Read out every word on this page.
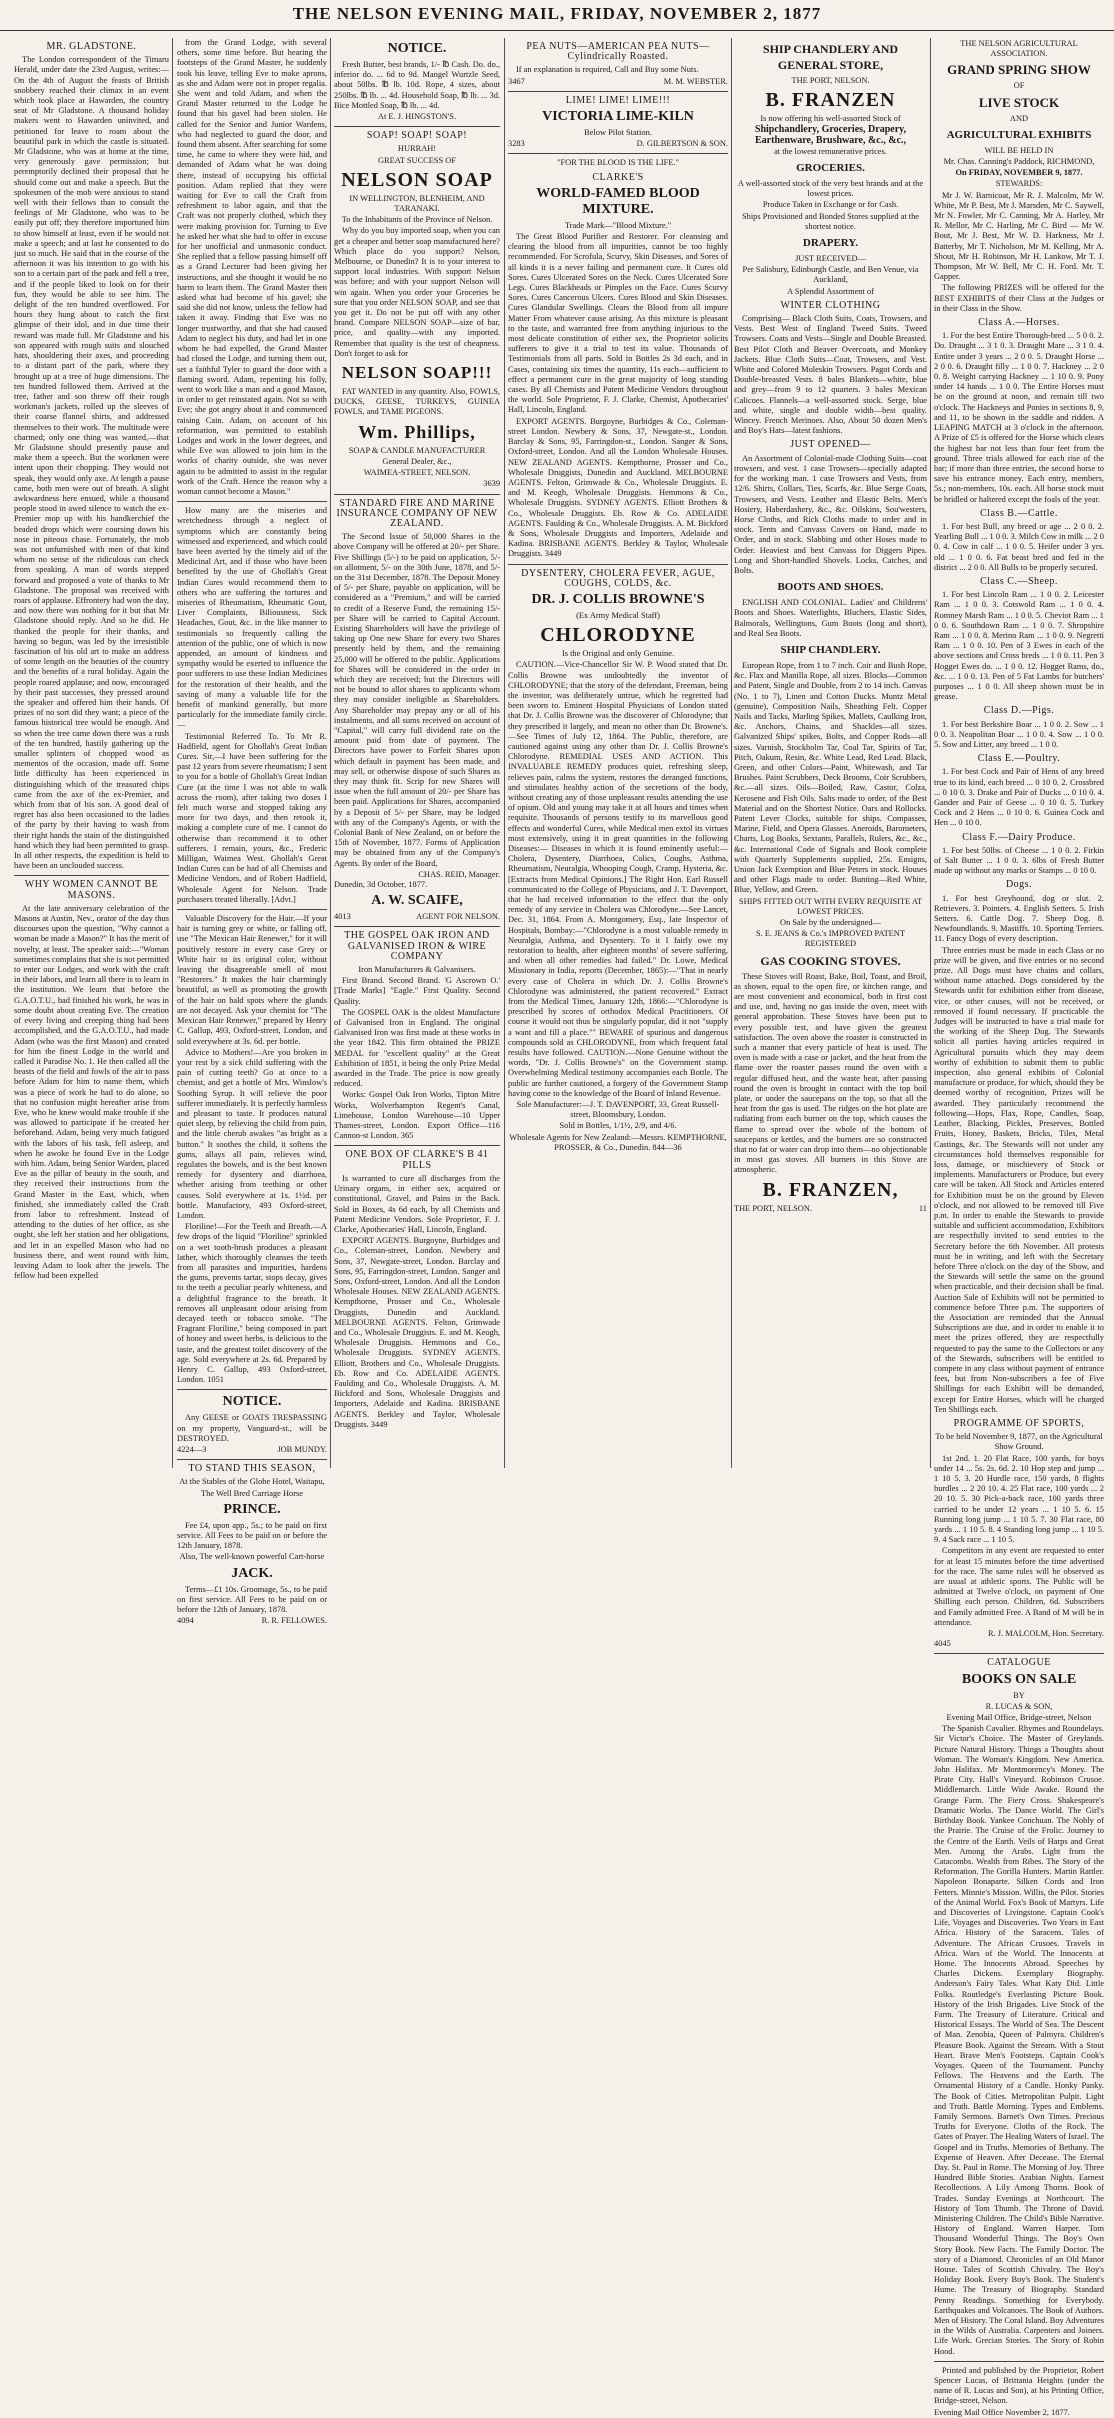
THE NELSON EVENING MAIL, FRIDAY, NOVEMBER 2, 1877
MR. GLADSTONE.

The London correspondent of the Timaru Herald, under date the 23rd August, writes:—On the 4th of August the feasts of British snobbery reached their climax in an event which took place at Hawarden, the country seat of Mr Gladstone. A thousand holiday makers went to Hawarden uninvited, and petitioned for leave to roam about the beautiful park in which the castle is situated. Mr Gladstone, who was at home at the time, very generously gave permission; but peremptorily declined their proposal that he should come out and make a speech. But the spokesmen of the mob were anxious to stand well with their fellows than to consult the feelings of Mr Gladstone, who was to be easily put off; they therefore importuned him to show himself at least, even if he would not make a speech; and at last he consented to do just so much. He said that in the course of the afternoon it was his intention to go with his son to a certain part of the park and fell a tree, and if the people liked to look on for their fun, they would be able to see him. The delight of the ten hundred overflowed. For hours they hung about to catch the first glimpse of their idol, and in due time their reward was made full. Mr Gladstone and his son appeared with rough suits and slouched hats, shouldering their axes, and proceeding to a distant part of the park, where they brought up at a tree of huge dimensions. The ten hundred followed them. Arrived at the tree, father and son threw off their rough workman's jackets, rolled up the sleeves of their coarse flannel shirts, and addressed themselves to their work. The multitude were charmed; only one thing was wanted,—that Mr Gladstone should presently pause and make them a speech. But the workmen were intent upon their chopping. They would not speak, they would only axe. At length a pause came, both men were out of breath. A slight awkwardness here ensued, while a thousand people stood in awed silence to watch the ex-Premier mop up with his handkerchief the beaded drops which were coursing down his nose in piteous chase. Fortunately, the mob was not unfurnished with men of that kind whom no sense of the ridiculous can check from speaking. A man of words stepped forward and proposed a vote of thanks to Mr Gladstone. The proposal was received with roars of applause. Effrontery had won the day, and now there was nothing for it but that Mr Gladstone should reply. And so he did. He thanked the people for their thanks, and having so begun, was led by the irresistible fascination of his old art to make an address of some length on the beauties of the country and the benefits of a rural holiday. Again the people roared applause; and now, encouraged by their past successes, they pressed around the speaker and offered him their hands. Of prizes of no sort did they want; a piece of the famous historical tree would be enough. And so when the tree came down there was a rush of the ten hundred, hastily gathering up the smaller splinters of chopped wood as mementos of the occasion, made off. Some little difficulty has been experienced in distinguishing which of the treasured chips came from the axe of the ex-Premier, and which from that of his son. A good deal of regret has also been occasioned to the ladies of the party by their having to wash from their right hands the stain of the distinguished hand which they had been permitted to grasp. In all other respects, the expedition is held to have been an unclouded success.

WHY WOMEN CANNOT BE MASONS.

At the late anniversary celebration of the Masons at Austin, Nev., orator of the day thus discourses upon the question, "Why cannot a woman be made a Mason?" It has the merit of novelty, at least. The speaker said:—"Woman sometimes complains that she is not permitted to enter our Lodges, and work with the craft in their labors, and learn all there is to learn in the institution. We learn that before the G.A.O.T.U., had finished his work, he was in some doubt about creating Eve. The creation of every living and creeping thing had been accomplished, and the G.A.O.T.U., had made Adam (who was the first Mason) and created for him the finest Lodge in the world and called it Paradise No. 1. He then called all the beasts of the field and fowls of the air to pass before Adam for him to name them, which was a piece of work he had to do alone, so that no confusion might hereafter arise from Eve, who he knew would make trouble if she was allowed to participate if he created her beforehand. Adam, being very much fatigued with the labors of his task, fell asleep, and when he awoke he found Eve in the Lodge with him. Adam, being Senior Warden, placed Eve as the pillar of beauty in the south, and they received their instructions from the Grand Master in the East, which, when finished, she immediately called the Craft from labor to refreshment. Instead of attending to the duties of her office, as she ought, she left her station and her obligations, and let in an expelled Mason who had no business there, and went round with him, leaving Adam to look after the jewels. The fellow had been expelled

from the Grand Lodge, with several others, some time before. But hearing the footsteps of the Grand Master, he suddenly took his leave, telling Eve to make aprons, as she and Adam were not in proper regalia. She went and told Adam, and when the Grand Master returned to the Lodge he found that his gavel had been stolen. He called for the Senior and Junior Wardens, who had neglected to guard the door, and found them absent. After searching for some time, he came to where they were hid, and demanded of Adam what he was doing there, instead of occupying his official position. Adam replied that they were waiting for Eve to call the Craft from refreshment to labor again, and that the Craft was not properly clothed, which they were making provision for. Turning to Eve he asked her what she had to offer in excuse for her unofficial and unmasonic conduct. She replied that a fellow passing himself off as a Grand Lecturer had been giving her instructions, and she thought it would be no harm to learn them. The Grand Master then asked what had become of his gavel; she said she did not know, unless the fellow had taken it away. Finding that Eve was no longer trustworthy, and that she had caused Adam to neglect his duty, and had let in one whom he had expelled, the Grand Master had closed the Lodge, and turning them out, set a faithful Tyler to guard the door with a flaming sword. Adam, repenting his folly, went to work like a man and a good Mason, in order to get reinstated again. Not so with Eve; she got angry about it and commenced raising Cain. Adam, on account of his reformation, was permitted to establish Lodges and work in the lower degrees, and while Eve was allowed to join him in the works of charity outside, she was never again to be admitted to assist in the regular work of the Craft. Hence the reason why a woman cannot become a Mason."

How many are the miseries and wretchedness through a neglect of symptoms which are constantly being witnessed and experienced, and which could have been averted by the timely aid of the Medicinal Art, and if those who have been benefited by the use of Ghollah's Great Indian Cures would recommend them to others who are suffering the tortures and miseries of Rheumatism, Rheumatic Gout, Liver Complaints, Biliousness, Sick Headaches, Gout, &c. in the like manner to testimonials so frequently calling the attention of the public, one of which is now appended, an amount of kindness and sympathy would be exerted to influence the poor sufferers to use these Indian Medicines for the restoration of their health, and the saving of many a valuable life for the benefit of mankind generally, but more particularly for the immediate family circle.—

Testimonial Referred To. To Mr R. Hadfield, agent for Ghollah's Great Indian Cures. Sir,—I have been suffering for the past 12 years from severe rheumatism; I sent to you for a bottle of Ghollah's Great Indian Cure (at the time I was not able to walk across the room), after taking two doses I felt much worse and stopped taking any more for two days, and then retook it, making a complete cure of me. I cannot do otherwise than recommend it to other sufferers. I remain, yours, &c., Frederic Milligan, Waimea West. Ghollah's Great Indian Cures can be had of all Chemists and Medicine Vendors, and of Robert Hadfield, Wholesale Agent for Nelson. Trade purchasers treated liberally. [Advt.]

Valuable Discovery for the Hair.—If your hair is turning grey or white, or falling off, use "The Mexican Hair Renewer," for it will positively restore in every case Grey or White hair to its original color, without leaving the disagreeable smell of most "Restorers." It makes the hair charmingly beautiful, as well as promoting the growth of the hair on bald spots where the glands are not decayed. Ask your chemist for "The Mexican Hair Renewer," prepared by Henry C. Gallup, 493, Oxford-street, London, and sold everywhere at 3s. 6d. per bottle.

Advice to Mothers!—Are you broken in your rest by a sick child suffering with the pain of cutting teeth? Go at once to a chemist, and get a bottle of Mrs. Winslow's Soothing Syrup. It will relieve the poor sufferer immediately. It is perfectly harmless and pleasant to taste. It produces natural quiet sleep, by relieving the child from pain, and the little cherub awakes "as bright as a button." It soothes the child, it softens the gums, allays all pain, relieves wind, regulates the bowels, and is the best known remedy for dysentery and diarrhoea, whether arising from teething or other causes. Sold everywhere at 1s. 1½d. per bottle. Manufactory, 493 Oxford-street, London.

Floriline!—For the Teeth and Breath.—A few drops of the liquid "Floriline" sprinkled on a wet tooth-brush produces a pleasant lather, which thoroughly cleanses the teeth from all parasites and impurities, hardens the gums, prevents tartar, stops decay, gives to the teeth a peculiar pearly whiteness, and a delightful fragrance to the breath. It removes all unpleasant odour arising from decayed teeth or tobacco smoke. "The Fragrant Floriline," being composed in part of honey and sweet herbs, is delicious to the taste, and the greatest toilet discovery of the age. Sold everywhere at 2s. 6d. Prepared by Henry C. Gallup, 493 Oxford-street, London. 1051

NOTICE.

Any GEESE or GOATS TRESPASSING on my property, Vanguard-st., will be DESTROYED.

4224—3	JOB MUNDY.
TO STAND THIS SEASON,
At the Stables of the Globe Hotel, Waitapu,
The Well Bred Carriage Horse
PRINCE.

Fee £4, upon app., 5s.; to be paid on first service. All Fees to be paid on or before the 12th January, 1878.

Also, The well-known powerful Cart-horse
JACK.

Terms—£1 10s. Groomage, 5s., to be paid on first service. All Fees to be paid on or before the 12th of January, 1878.

4094	R. R. FELLOWES.
NOTICE.

Fresh Butter, best brands, 1/- ℔ Cash. Do. do., inferior do. ... 6d to 9d. Mangel Wurtzle Seed, about 50lbs. ℔ lb. 10d. Rope, 4 sizes, about 250lbs. ℔ lb. ... 4d. Household Soap, ℔ lb. ... 3d. Bice Mottled Soap, ℔ lb. ... 4d.

At E. J. HINGSTON'S.
SOAP! SOAP! SOAP!
HURRAH!
GREAT SUCCESS OF
NELSON SOAP
IN WELLINGTON, BLENHEIM, AND TARANAKI.
To the Inhabitants of the Province of Nelson.

Why do you buy imported soap, when you can get a cheaper and better soap manufactured here? Which place do you support? Nelson, Melbourne, or Dunedin? It is to your interest to support local industries. With support Nelson was before; and with your support Nelson will win again. When you order your Groceries be sure that you order NELSON SOAP, and see that you get it. Do not be put off with any other brand. Compare NELSON SOAP—size of bar, price, and quality—with any imported. Remember that quality is the test of cheapness. Don't forget to ask for

NELSON SOAP!!!

FAT WANTED in any quantity. Also, FOWLS, DUCKS, GEESE, TURKEYS, GUINEA FOWLS, and TAME PIGEONS.

Wm. Phillips,
SOAP & CANDLE MANUFACTURER
General Dealer, &c.,
WAIMEA-STREET, NELSON.
3639
STANDARD FIRE AND MARINE INSURANCE COMPANY OF NEW ZEALAND.

The Second Issue of 50,000 Shares in the above Company will be offered at 20/- per Share. Five Shillings (5/-) to be paid on application, 5/- on allotment, 5/- on the 30th June, 1878, and 5/- on the 31st December, 1878. The Deposit Money of 5/- per Share, payable on application, will be considered as a "Premium," and will be carried to credit of a Reserve Fund, the remaining 15/- per Share will be carried to Capital Account. Existing Shareholders will have the privilege of taking up One new Share for every two Shares presently held by them, and the remaining 25,000 will be offered to the public. Applications for Shares will be considered in the order in which they are received; but the Directors will not be bound to allot shares to applicants whom they may consider ineligible as Shareholders. Any Shareholder may prepay any or all of his instalments, and all sums received on account of "Capital," will carry full dividend rate on the amount paid from date of payment. The Directors have power to Forfeit Shares upon which default in payment has been made, and may sell, or otherwise dispose of such Shares as they may think fit. Scrip for new Shares will issue when the full amount of 20/- per Share has been paid. Applications for Shares, accompanied by a Deposit of 5/- per Share, may be lodged with any of the Company's Agents, or with the Colonial Bank of New Zealand, on or before the 15th of November, 1877. Forms of Application may be obtained from any of the Company's Agents. By order of the Board,

CHAS. REID, Manager.
Dunedin, 3d October, 1877.
A. W. SCAIFE,
4013	AGENT FOR NELSON.
THE GOSPEL OAK IRON AND GALVANISED IRON & WIRE COMPANY
Iron Manufacturers & Galvanisers.

First Brand. Second Brand. 'G Ascrown O.' [Trade Marks] "Eagle." First Quality. Second Quality.

The GOSPEL OAK is the oldest Manufacture of Galvanised Iron in England. The original Galvanised Iron was first made at these works in the year 1842. This firm obtained the PRIZE MEDAL for "excellent quality" at the Great Exhibition of 1851, it being the only Prize Medal awarded in the Trade. The price is now greatly reduced.

Works: Gospel Oak Iron Works, Tipton Mitre Works, Wolverhampton Regent's Canal, Limehouse, London Warehouse—10 Upper Thames-street, London. Export Office—116 Cannon-st London. 365

ONE BOX OF CLARKE'S B 41 PILLS

Is warranted to cure all discharges from the Urinary organs, in either sex, acquired or constitutional, Gravel, and Pains in the Back. Sold in Boxes, 4s 6d each, by all Chemists and Patent Medicine Vendors. Sole Proprietor, F. J. Clarke, Apothecaries' Hall, Lincoln, England.

EXPORT AGENTS. Burgoyne, Burbidges and Co., Coleman-street, London. Newbery and Sons, 37, Newgate-street, London. Barclay and Sons, 95, Farringdon-street, London. Sanger and Sons, Oxford-street, London. And all the London Wholesale Houses. NEW ZEALAND AGENTS. Kempthorne, Prosser and Co., Wholesale Druggists, Dunedin and Auckland. MELBOURNE AGENTS. Felton, Grimwade and Co., Wholesale Druggists. E. and M. Keogh, Wholesale Druggists. Hemmons and Co., Wholesale Druggists. SYDNEY AGENTS. Elliott, Brothers and Co., Wholesale Druggists. Eb. Row and Co. ADELAIDE AGENTS. Faulding and Co., Wholesale Druggists. A. M. Bickford and Sons, Wholesale Druggists and Importers, Adelaide and Kadina. BRISBANE AGENTS. Berkley and Taylor, Wholesale Druggists. 3449

PEA NUTS—AMERICAN PEA NUTS—Cylindrically Roasted.

If an explanation is required, Call and Buy some Nuts.

3467	M. M. WEBSTER.
LIME! LIME! LIME!!!
VICTORIA LIME-KILN
Below Pilot Station.
3283	D. GILBERTSON & SON.
"FOR THE BLOOD IS THE LIFE."
CLARKE'S
WORLD-FAMED BLOOD MIXTURE.
Trade Mark—"Blood Mixture."

The Great Blood Purifier and Restorer. For cleansing and clearing the blood from all impurities, cannot be too highly recommended. For Scrofula, Scurvy, Skin Diseases, and Sores of all kinds it is a never failing and permanent cure. It Cures old Sores. Cures Ulcerated Sores on the Neck. Cures Ulcerated Sore Legs. Cures Blackheads or Pimples on the Face. Cures Scurvy Sores. Cures Cancerous Ulcers. Cures Blood and Skin Diseases. Cures Glandular Swellings. Clears the Blood from all impure Matter From whatever cause arising. As this mixture is pleasant to the taste, and warranted free from anything injurious to the most delicate constitution of either sex, the Proprietor solicits sufferers to give it a trial to test its value. Thousands of Testimonials from all parts. Sold in Bottles 2s 3d each, and in Cases, containing six times the quantity, 11s each—sufficient to effect a permanent cure in the great majority of long standing cases. By all Chemists and Patent Medicine Vendors throughout the world. Sole Proprietor, F. J. Clarke, Chemist, Apothecaries' Hall, Lincoln, England.

EXPORT AGENTS. Burgoyne, Burbidges & Co., Coleman-street London. Newbery & Sons, 37, Newgate-st., London. Barclay & Sons, 95, Farringdon-st., London. Sanger & Sons, Oxford-street, London. And all the London Wholesale Houses. NEW ZEALAND AGENTS. Kempthorne, Prosser and Co., Wholesale Druggists, Dunedin and Auckland. MELBOURNE AGENTS. Felton, Grimwade & Co., Wholesale Druggists. E. and M. Keogh, Wholesale Druggists. Hemmons & Co., Wholesale Druggists. SYDNEY AGENTS. Elliott Brothers & Co., Wholesale Druggists. Eb. Row & Co. ADELAIDE AGENTS. Faulding & Co., Wholesale Druggists. A. M. Bickford & Sons, Wholesale Druggists and Importers, Adelaide and Kadina. BRISBANE AGENTS. Berkley & Taylor, Wholesale Druggists. 3449

DYSENTERY, CHOLERA FEVER, AGUE, COUGHS, COLDS, &c.
DR. J. COLLIS BROWNE'S
(Ex Army Medical Staff)
CHLORODYNE
Is the Original and only Genuine.

CAUTION.—Vice-Chancellor Sir W. P. Wood stated that Dr. Collis Browne was undoubtedly the inventor of CHLORODYNE; that the story of the defendant, Freeman, being the inventor, was deliberately untrue, which he regretted had been sworn to. Eminent Hospital Physicians of London stated that Dr. J. Collis Browne was the discoverer of Chlorodyne; that they prescribed it largely, and mean no other than Dr. Browne's.—See Times of July 12, 1864. The Public, therefore, are cautioned against using any other than Dr. J. Collis Browne's Chlorodyne. REMEDIAL USES AND ACTION. This INVALUABLE REMEDY produces quiet, refreshing sleep, relieves pain, calms the system, restores the deranged functions, and stimulates healthy action of the secretions of the body, without creating any of those unpleasant results attending the use of opium. Old and young may take it at all hours and times when requisite. Thousands of persons testify to its marvellous good effects and wonderful Cures, while Medical men extol its virtues most extensively, using it in great quantities in the following Diseases:— Diseases in which it is found eminently useful:—Cholera, Dysentery, Diarrhoea, Colics, Coughs, Asthma, Rheumatism, Neuralgia, Whooping Cough, Cramp, Hysteria, &c. [Extracts from Medical Opinions.] The Right Hon. Earl Russell communicated to the College of Physicians, and J. T. Davenport, that he had received information to the effect that the only remedy of any service in Cholera was Chlorodyne.—See Lancet, Dec. 31, 1864. From A. Montgomery, Esq., late Inspector of Hospitals, Bombay:—"Chlorodyne is a most valuable remedy in Neuralgia, Asthma, and Dysentery. To it I fairly owe my restoration to health, after eighteen months' of severe suffering, and when all other remedies had failed." Dr. Lowe, Medical Missionary in India, reports (December, 1865):—"That in nearly every case of Cholera in which Dr. J. Collis Browne's Chlorodyne was administered, the patient recovered." Extract from the Medical Times, January 12th, 1866:—"Chlorodyne is prescribed by scores of orthodox Medical Practitioners. Of course it would not thus be singularly popular, did it not "supply a want and fill a place."" BEWARE of spurious and dangerous compounds sold as CHLORODYNE, from which frequent fatal results have followed. CAUTION.—None Genuine without the words, "Dr. J. Collis Browne's" on the Government stamp. Overwhelming Medical testimony accompanies each Bottle. The public are further cautioned, a forgery of the Government Stamp having come to the knowledge of the Board of Inland Revenue.

Sole Manufacturer:—J. T. DAVENPORT, 33, Great Russell-street, Bloomsbury, London.
Sold in Bottles, 1/1½, 2/9, and 4/6.
Wholesale Agents for New Zealand:—Messrs. KEMPTHORNE, PROSSER, & Co., Dunedin. 844—36
SHIP CHANDLERY AND GENERAL STORE,
THE PORT, NELSON.
B. FRANZEN
Is now offering his well-assorted Stock of
Shipchandlery, Groceries, Drapery, Earthenware, Brushware, &c., &c.,
at the lowest remunerative prices.
GROCERIES.
A well-assorted stock of the very best brands and at the lowest prices.
Produce Taken in Exchange or for Cash.
Ships Provisioned and Bonded Stores supplied at the shortest notice.
DRAPERY.
JUST RECEIVED—
Per Salisbury, Edinburgh Castle, and Ben Venue, via Auckland,
A Splendid Assortment of
WINTER CLOTHING

Comprising— Black Cloth Suits, Coats, Trowsers, and Vests. Best West of England Tweed Suits. Tweed Trowsers. Coats and Vests—Single and Double Breasted. Best Pilot Cloth and Beaver Overcoats, and Monkey Jackets. Blue Cloth Suits—Coat, Trowsers, and Vest. White and Colored Moleskin Trowsers. Pagot Cords and Double-breasted Vests. 8 bales Blankets—white, blue and grey—from 9 to 12 quarters. 3 bales Mexican Calicoes. Flannels—a well-assorted stock. Serge, blue and white, single and double width—best quality. Wincey. French Merinoes. Also, About 50 dozen Men's and Boy's Hats—latest fashions.

JUST OPENED—

An Assortment of Colonial-made Clothing Suits—coat trowsers, and vest. 1 case Trowsers—specially adapted for the working man. 1 case Trowsers and Vests, from 12/6. Shirts, Collars, Ties, Scarfs, &c. Blue Serge Coats, Trowsers, and Vests. Leather and Elastic Belts. Men's Hosiery, Haberdashery, &c., &c. Oilskins, Sou'westers, Horse Cloths, and Rick Cloths made to order and in stock. Tents and Canvass Covers on Hand, made to Order, and in stock. Slabbing and other Hoses made to Order. Heaviest and best Canvass for Diggers Pipes. Long and Short-handled Shovels. Locks, Catches, and Bolts.

BOOTS AND SHOES.

ENGLISH AND COLONIAL. Ladies' and Childrens' Boots and Shoes. Waterlights, Bluchers, Elastic Sides, Balmorals, Wellingtons, Gum Boots (long and short), and Real Sea Boots.

SHIP CHANDLERY.

European Rope, from 1 to 7 inch. Coir and Bush Rope, &c. Flax and Manilla Rope, all sizes. Blocks—Common and Patent, Single and Double, from 2 to 14 inch. Canvas (No. 1 to 7), Linen and Cotton Ducks. Muntz Metal (genuine), Composition Nails, Sheathing Felt. Copper Nails and Tacks, Marling Spikes, Mallets, Caulking Iron, &c. Anchors, Chains, and Shackles—all sizes. Galvanized Ships' spikes, Bolts, and Copper Rods—all sizes. Varnish, Stockholm Tar, Coal Tar, Spirits of Tar, Pitch, Oakum, Resin, &c. White Lead, Red Lead. Black, Green, and other Colors—Paint, Whitewash, and Tar Brushes. Paint Scrubbers, Deck Brooms, Coir Scrubbers, &c.—all sizes. Oils—Boiled, Raw, Castor, Colza, Kerosene and Fish Oils. Salts made to order, of the Best Material and on the Shortest Notice. Oars and Rollocks. Patent Lever Clocks, suitable for ships. Compasses, Marine, Field, and Opera Glasses. Aneroids, Barometers, Charts, Log Books, Sextants, Parallels, Rulers, &c., &c., &c. International Code of Signals and Book complete with Quarterly Supplements supplied, 25s. Ensigns, Union Jack Exemption and Blue Peters in stock. Houses and other Flags made to order. Bunting—Red White, Blue, Yellow, and Green.

SHIPS FITTED OUT WITH EVERY REQUISITE AT LOWEST PRICES.
On Sale by the undersigned—
S. E. JEANS & Co.'s IMPROVED PATENT REGISTERED
GAS COOKING STOVES.

These Stoves will Roast, Bake, Boil, Toast, and Broil, as shown, equal to the open fire, or kitchen range, and are most convenient and economical, both in first cost and use, and, having no gas inside the oven, meet with general approbation. These Stoves have been put to every possible test, and have given the greatest satisfaction. The oven above the roaster is constructed in such a manner that every particle of heat is used. The oven is made with a case or jacket, and the heat from the flame over the roaster passes round the oven with a regular diffused heat, and the waste heat, after passing round the oven is brought in contact with the top boil plate, or under the saucepans on the top, so that all the heat from the gas is used. The ridges on the hot plate are radiating from each burner on the top, which causes the flame to spread over the whole of the bottom of saucepans or kettles, and the burners are so constructed that no fat or water can drop into them—no objectionable in most gas stoves. All burners in this Stove are atmospheric.

B. FRANZEN,
THE PORT, NELSON.	11
THE NELSON AGRICULTURAL ASSOCIATION.
GRAND SPRING SHOW
OF
LIVE STOCK
AND
AGRICULTURAL EXHIBITS
WILL BE HELD IN
Mr. Chas. Canning's Paddock, RICHMOND,
On FRIDAY, NOVEMBER 9, 1877.
STEWARDS:

Mr J. W. Barnicoat, Mr R. J. Malcolm, Mr W. White, Mr P. Best, Mr J. Marsden, Mr C. Saywell, Mr N. Fowler, Mr C. Canning, Mr A. Harley, Mr R. Mellor, Mr C. Harling, Mr C. Bird — Mr W. Bout, Mr J. Best, Mr W. D. Harkness, Mr J. Batterby, Mr T. Nicholson, Mr M. Kelling, Mr A. Shout, Mr H. Robinson, Mr H. Lankow, Mr T. J. Thompson, Mr W. Bell, Mr C. H. Ford. Mr. T. Gapper.

The following PRIZES will be offered for the BEST EXHIBITS of their Class at the Judges or in their Class in the Show.

Class A.—Horses.

1. For the best Entire Thorough-bred ... 5 0 0. 2. Do. Draught ... 3 1 0. 3. Draught Mare ... 3 1 0. 4. Entire under 3 years ... 2 0 0. 5. Draught Horse ... 2 0 0. 6. Draught filly ... 1 0 0. 7. Hackney ... 2 0 0. 8. Weight carrying Hackney ... 1 10 0. 9. Pony under 14 hands ... 1 0 0. The Entire Horses must be on the ground at noon, and remain till two o'clock. The Hackneys and Ponies in sections 8, 9, and 11, to be shown in the saddle and ridden. A LEAPING MATCH at 3 o'clock in the afternoon. A Prize of £5 is offered for the Horse which clears the highest bar not less than four feet from the ground. Three trials allowed for each rise of the bar; if more than three entries, the second horse to save his entrance money. Each entry, members, 5s.; non-members, 10s. each. All horse stock must be bridled or haltered except the foals of the year.

Class B.—Cattle.

1. For best Bull, any breed or age ... 2 0 0. 2. Yearling Bull ... 1 0 0. 3. Milch Cow in milk ... 2 0 0. 4. Cow in calf ... 1 0 0. 5. Heifer under 3 yrs. old ... 1 0 0. 6. Fat beast bred and fed in the district ... 2 0 0. All Bulls to be properly secured.

Class C.—Sheep.

1. For best Lincoln Ram ... 1 0 0. 2. Leicester Ram ... 1 0 0. 3. Cotswold Ram ... 1 0 0. 4. Romney Marsh Ram ... 1 0 0. 5. Cheviot Ram ... 1 0 0. 6. Southdown Ram ... 1 0 0. 7. Shropshire Ram ... 1 0 0. 8. Merino Ram ... 1 0 0. 9. Negretti Ram ... 1 0 0. 10. Pen of 3 Ewes in each of the above sections and Cross breds ... 1 0 0. 11. Pen 3 Hogget Ewes do. ... 1 0 0. 12. Hogget Rams, do., &c. ... 1 0 0. 13. Pen of 5 Fat Lambs for butchers' purposes ... 1 0 0. All sheep shown must be in grease.

Class D.—Pigs.

1. For best Berkshire Boar ... 1 0 0. 2. Sow ... 1 0 0. 3. Neapolitan Boar ... 1 0 0. 4. Sow ... 1 0 0. 5. Sow and Litter, any breed ... 1 0 0.

Class E.—Poultry.

1. For best Cock and Pair of Hens of any breed true to its kind, each breed ... 0 10 0. 2. Crossbred ... 0 10 0. 3. Drake and Pair of Ducks ... 0 10 0. 4. Gander and Pair of Geese ... 0 10 0. 5. Turkey Cock and 2 Hens ... 0 10 0. 6. Guinea Cock and Hen ... 0 10 0.

Class F.—Dairy Produce.

1. For best 50lbs. of Cheese ... 1 0 0. 2. Firkin of Salt Butter ... 1 0 0. 3. 6lbs of Fresh Butter made up without any marks or Stamps ... 0 10 0.

Dogs.

1. For best Greyhound, dog or slut. 2. Retrievers. 3. Pointers. 4. English Setters. 5. Irish Setters. 6. Cattle Dog. 7. Sheep Dog. 8. Newfoundlands. 9. Mastiffs. 10. Sporting Terriers. 11. Fancy Dogs of every description.

Three entries must be made in each Class or no prize will be given, and five entries or no second prize. All Dogs must have chains and collars, without name attached. Dogs considered by the Stewards unfit for exhibition either from disease, vice, or other causes, will not be received, or removed if found necessary. If practicable the Judges will be instructed to have a trial made for the working of the Sheep Dog. The Stewards solicit all parties having articles required in Agricultural pursuits which they may deem worthy of exhibition to submit them to public inspection, also general exhibits of Colonial manufacture or produce, for which, should they be deemed worthy of recognition, Prizes will be awarded. They particularly recommend the following—Hops, Flax, Rope, Candles, Soap, Leather, Blacking, Pickles, Preserves, Bottled Fruits, Honey, Baskets, Bricks, Tiles, Metal Castings, &c. The Stewards will not under any circumstances hold themselves responsible for loss, damage, or mischievery of Stock or implements. Manufacturers or Produce, but every care will be taken. All Stock and Articles entered for Exhibition must be on the ground by Eleven o'clock, and not allowed to be removed till Five p.m. In order to enable the Stewards to provide suitable and sufficient accommodation, Exhibitors are respectfully invited to send entries to the Secretary before the 6th November. All protests must be in writing, and left with the Secretary before Three o'clock on the day of the Show, and the Stewards will settle the same on the ground when practicable, and their decision shall be final. Auction Sale of Exhibits will not be permitted to commence before Three p.m. The supporters of the Association are reminded that the Annual Subscriptions are due, and in order to enable it to meet the prizes offered, they are respectfully requested to pay the same to the Collectors or any of the Stewards, subscribers will be entitled to compete in any class without payment of entrance fees, but from Non-subscribers a fee of Five Shillings for each Exhibit will be demanded, except for Entire Horses, which will be charged Ten Shillings each.

PROGRAMME OF SPORTS,
To be held November 9, 1877, on the Agricultural Show Ground.

1st 2nd. 1. 20 Flat Race, 100 yards, for boys under 14 ... 5s. 2s. 6d. 2. 10 Hop step and jump ... 1 10 5. 3. 20 Hurdle race, 150 yards, 8 flights hurdles ... 2 20 10. 4. 25 Flat race, 100 yards ... 2 20 10. 5. 30 Pick-a-back race, 100 yards three carried to be under 12 years ... 1 10 5. 6. 15 Running long jump ... 1 10 5. 7. 30 Flat race, 80 yards ... 1 10 5. 8. 4 Standing long jump ... 1 10 5. 9. 4 Sack race ... 1 10 5.

Competitors in any event are requested to enter for at least 15 minutes before the time advertised for the race. The same rules will be observed as are usual at athletic sports. The Public will be admitted at Twelve o'clock, on payment of One Shilling each person. Children, 6d. Subscribers and Family admitted Free. A Band of M will be in attendance.

R. J. MALCOLM, Hon. Secretary.
4045
CATALOGUE
BOOKS ON SALE
BY
R. LUCAS & SON,
Evening Mail Office, Bridge-street, Nelson

The Spanish Cavalier. Rhymes and Roundelays. Sir Victor's Choice. The Master of Greylands. Picture Natural History. Things a Thoughts about Woman. The Woman's Kingdom. New America. John Halifax. Mr Montmorency's Money. The Pirate City. Hall's Vineyard. Robinson Crusoe. Middlemarch. Little Wide Awake. Round the Grange Farm. The Fiery Cross. Shakespeare's Dramatic Works. The Dance World. The Girl's Birthday Book. Yankee Conchuan. The Nobly of the Prairie. The Cruise of the Frolic. Journey to the Centre of the Earth. Veils of Harps and Great Men. Among the Arabs. Light from the Catacombs. Wealth from Ribes. The Story of the Reformation. The Gorilla Hunters. Martin Rattler. Napoleon Bonaparte. Silken Cords and Iron Fetters. Minnie's Mission. Willis, the Pilot. Stories of the Animal World. Fox's Book of Martyrs. Life and Discoveries of Livingstone. Captain Cook's Life, Voyages and Discoveries. Two Years in East Africa. History of the Saracens. Tales of Adventure. The African Crusoes. Travels in Africa. Wars of the World. The Innocents at Home. The Innocents Abroad. Speeches by Charles Dickens. Exemplary Biography. Anderson's Fairy Tales. What Katy Did. Little Folks. Routledge's Everlasting Picture Book. History of the Irish Brigades. Live Stock of the Farm. The Treasury of Literature. Critical and Historical Essays. The World of Sea. The Descent of Man. Zenobia, Queen of Palmyra. Children's Pleasure Book. Against the Stream. With a Stout Heart. Brave Men's Footsteps. Captain Cook's Voyages. Queen of the Tournament. Punchy Fellows. The Heavens and the Earth. The Ornamental History of a Candle. Honky Panky. The Book of Cities. Metropolitan Pulpit. Light and Truth. Battle Morning. Types and Emblems. Family Sermons. Barnet's Own Times. Precious Truths for Everyone. Cloths of the Rock. The Gates of Prayer. The Healing Waters of Israel. The Gospel and its Truths. Memories of Bethany. The Expense of Heaven. After Decease. The Eternal Day. St. Paul in Rome. The Morning of Joy. Three Hundred Bible Stories. Arabian Nights. Earnest Recollections. A Lily Among Thorns. Book of Trades. Sunday Evenings at Northcourt. The History of Tom Thumb. The Throne of David. Ministering Children. The Child's Bible Narrative. History of England. Warren Harper. Tom Thousand Wonderful Things. The Boy's Own Story Book. New Facts. The Family Doctor. The story of a Diamond. Chronicles of an Old Manor House. Tales of Scottish Chivalry. The Boy's Holiday Book. Every Boy's Book. The Student's Hume. The Treasury of Biography. Standard Penny Readings. Something for Everybody. Earthquakes and Volcanoes. The Book of Authors. Men of History. The Coral Island. Boy Adventures in the Wilds of Australia. Carpenters and Joiners. Life Work. Grecian Stories. The Story of Robin Hood.

Printed and published by the Proprietor, Robert Spencer Lucas, of Brittania Heights (under the name of R. Lucas and Son), at his Printing Office, Bridge-street, Nelson.

Evening Mail Office November 2, 1877.
